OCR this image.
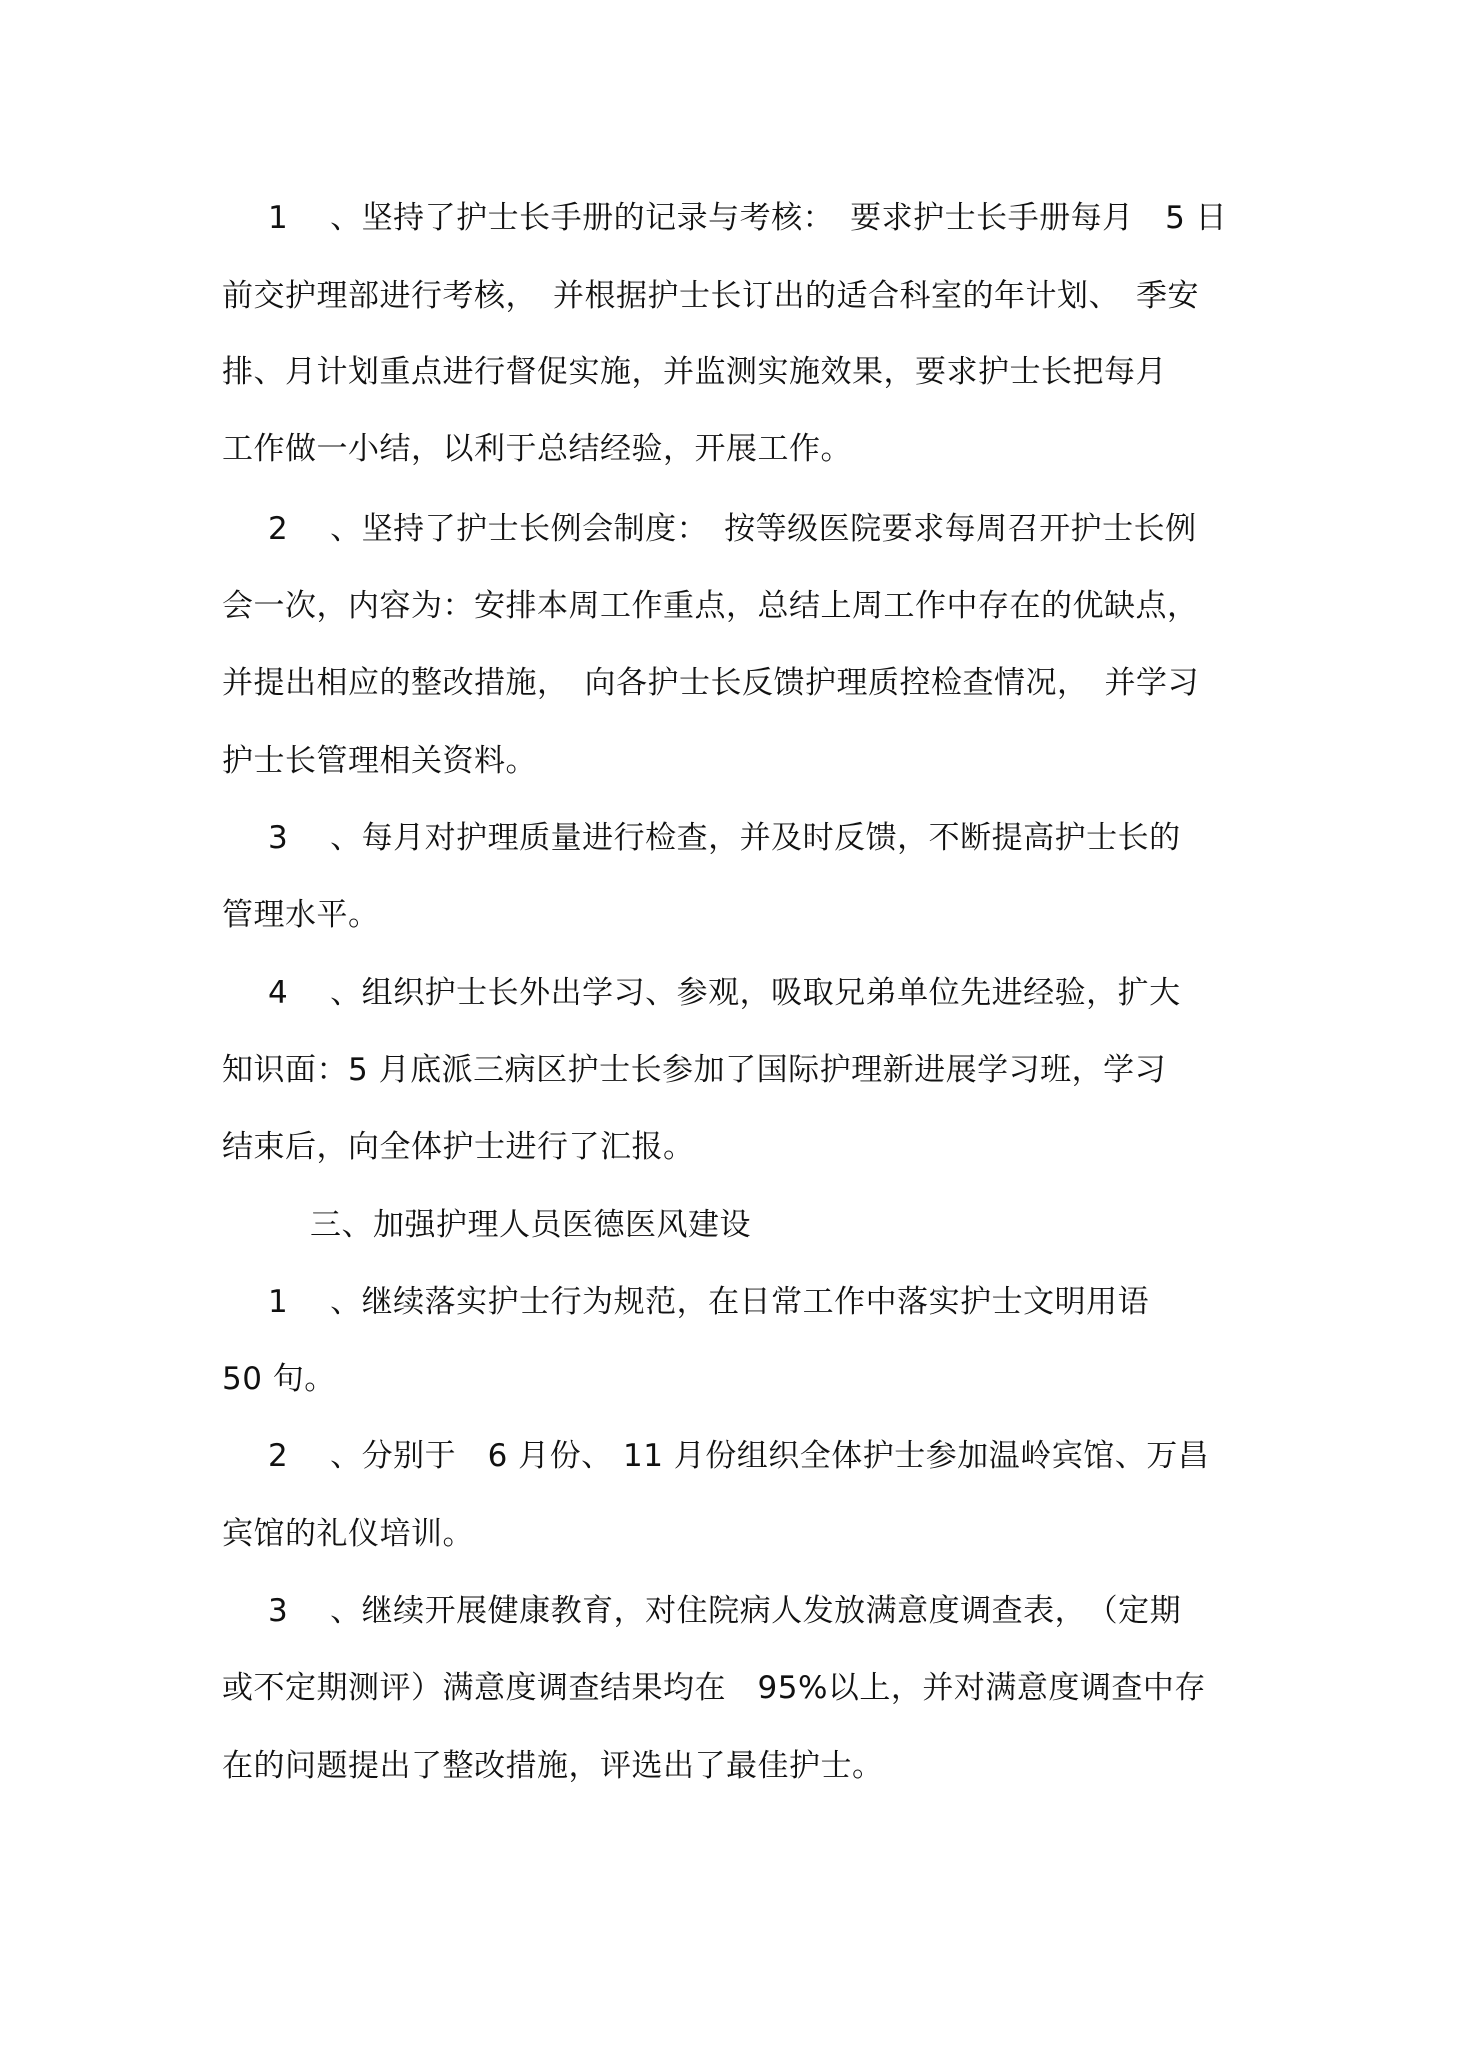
1　 、坚持了护士长手册的记录与考核：　要求护士长手册每月　5 日
前交护理部进行考核，　并根据护士长订出的适合科室的年计划、　季安
排、月计划重点进行督促实施，并监测实施效果，要求护士长把每月
工作做一小结，以利于总结经验，开展工作。
2　 、坚持了护士长例会制度：　按等级医院要求每周召开护士长例
会一次，内容为：安排本周工作重点，总结上周工作中存在的优缺点，
并提出相应的整改措施，　向各护士长反馈护理质控检查情况，　并学习
护士长管理相关资料。
3　 、每月对护理质量进行检查，并及时反馈，不断提高护士长的
管理水平。
4　 、组织护士长外出学习、参观，吸取兄弟单位先进经验，扩大
知识面：5 月底派三病区护士长参加了国际护理新进展学习班，学习
结束后，向全体护士进行了汇报。
三、加强护理人员医德医风建设
1　 、继续落实护士行为规范，在日常工作中落实护士文明用语
50 句。
2　 、分别于　6 月份、 11 月份组织全体护士参加温岭宾馆、万昌
宾馆的礼仪培训。
3　 、继续开展健康教育，对住院病人发放满意度调查表，　（定期
或不定期测评）满意度调查结果均在　95%以上，并对满意度调查中存
在的问题提出了整改措施，评选出了最佳护士。
